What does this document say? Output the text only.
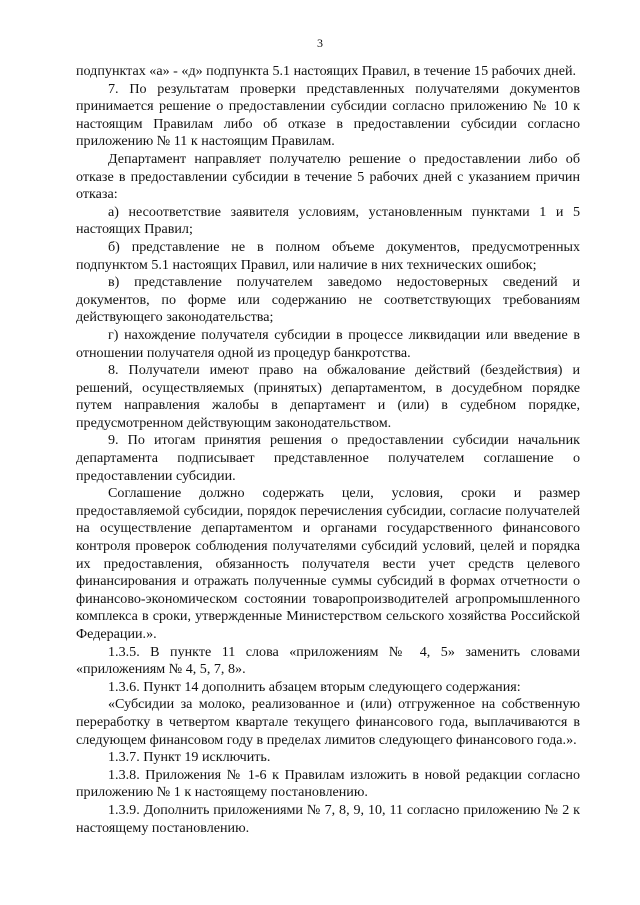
3

подпунктах «а» - «д» подпункта 5.1 настоящих Правил, в течение 15 рабочих дней.

7. По результатам проверки представленных получателями документов принимается решение о предоставлении субсидии согласно приложению № 10 к настоящим Правилам либо об отказе в предоставлении субсидии согласно приложению № 11 к настоящим Правилам.

Департамент направляет получателю решение о предоставлении либо об отказе в предоставлении субсидии в течение 5 рабочих дней с указанием причин отказа:

а) несоответствие заявителя условиям, установленным пунктами 1 и 5 настоящих Правил;

б) представление не в полном объеме документов, предусмотренных подпунктом 5.1 настоящих Правил, или наличие в них технических ошибок;

в) представление получателем заведомо недостоверных сведений и документов, по форме или содержанию не соответствующих требованиям действующего законодательства;

г) нахождение получателя субсидии в процессе ликвидации или введение в отношении получателя одной из процедур банкротства.

8. Получатели имеют право на обжалование действий (бездействия) и решений, осуществляемых (принятых) департаментом, в досудебном порядке путем направления жалобы в департамент и (или) в судебном порядке, предусмотренном действующим законодательством.

9. По итогам принятия решения о предоставлении субсидии начальник департамента подписывает представленное получателем соглашение о предоставлении субсидии.

Соглашение должно содержать цели, условия, сроки и размер предоставляемой субсидии, порядок перечисления субсидии, согласие получателей на осуществление департаментом и органами государственного финансового контроля проверок соблюдения получателями субсидий условий, целей и порядка их предоставления, обязанность получателя вести учет средств целевого финансирования и отражать полученные суммы субсидий в формах отчетности о финансово-экономическом состоянии товаропроизводителей агропромышленного комплекса в сроки, утвержденные Министерством сельского хозяйства Российской Федерации.».

1.3.5. В пункте 11 слова «приложениям № 4, 5» заменить словами «приложениям № 4, 5, 7, 8».

1.3.6. Пункт 14 дополнить абзацем вторым следующего содержания:

«Субсидии за молоко, реализованное и (или) отгруженное на собственную переработку в четвертом квартале текущего финансового года, выплачиваются в следующем финансовом году в пределах лимитов следующего финансового года.».

1.3.7. Пункт 19 исключить.

1.3.8. Приложения № 1-6 к Правилам изложить в новой редакции согласно приложению № 1 к настоящему постановлению.

1.3.9. Дополнить приложениями № 7, 8, 9, 10, 11 согласно приложению № 2 к настоящему постановлению.
